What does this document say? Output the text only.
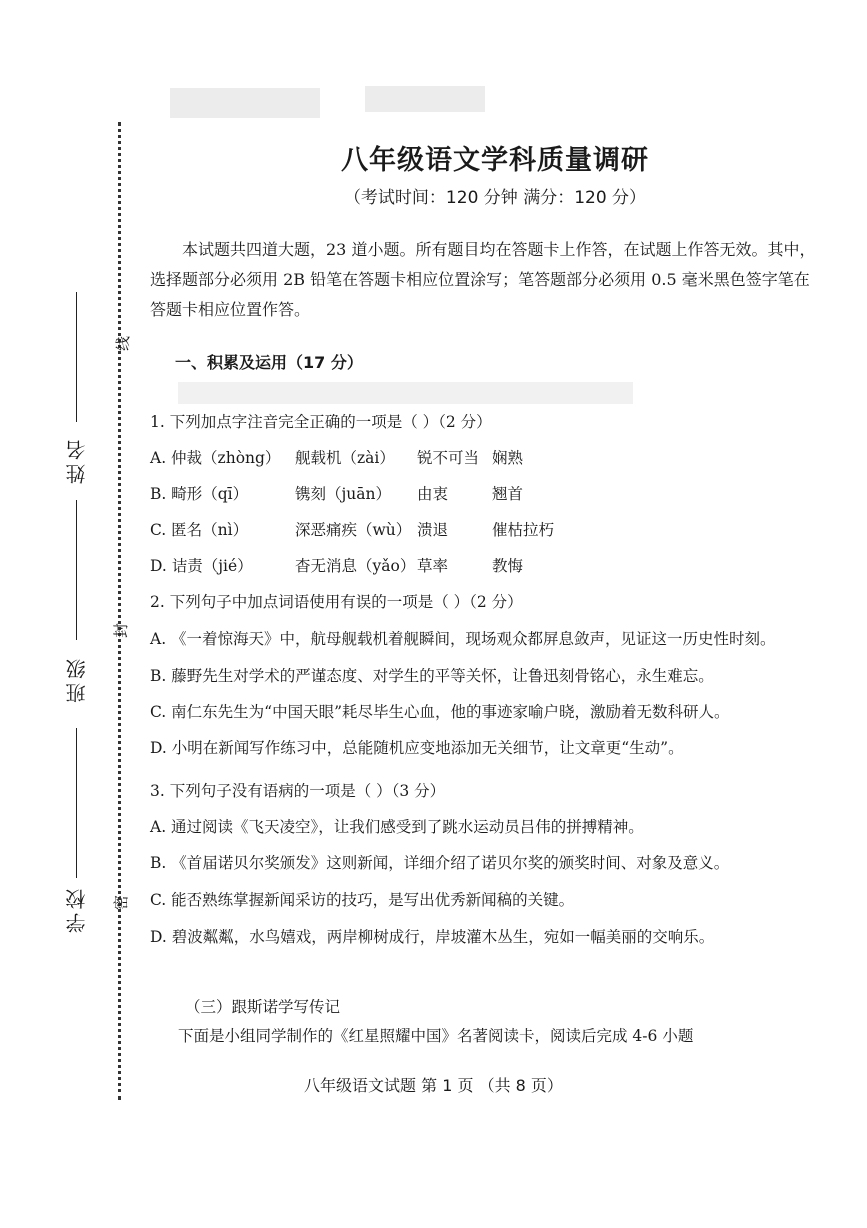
姓名
班级
学校
线
封
密
八年级语文学科质量调研
（考试时间：120 分钟 满分：120 分）
本试题共四道大题，23 道小题。所有题目均在答题卡上作答，在试题上作答无效。其中，选择题部分必须用 2B 铅笔在答题卡相应位置涂写；笔答题部分必须用 0.5 毫米黑色签字笔在答题卡相应位置作答。
一、积累及运用（17 分）
1. 下列加点字注音完全正确的一项是（ ）（2 分）
A. 仲裁（zhòng） 舰载机（zài） 锐不可当 娴熟
B. 畸形（qī）	镌刻（juān） 由衷	翘首
C. 匿名（nì）	深恶痛疾（wù） 溃退	催枯拉朽
D. 诘责（jié）	杳无消息（yǎo） 草率	教悔
2. 下列句子中加点词语使用有误的一项是（ ）（2 分）
A. 《一着惊海天》中，航母舰载机着舰瞬间，现场观众都屏息敛声，见证这一历史性时刻。
B. 藤野先生对学术的严谨态度、对学生的平等关怀，让鲁迅刻骨铭心，永生难忘。
C. 南仁东先生为“中国天眼”耗尽毕生心血，他的事迹家喻户晓，激励着无数科研人。
D. 小明在新闻写作练习中，总能随机应变地添加无关细节，让文章更“生动”。
3. 下列句子没有语病的一项是（ ）（3 分）
A. 通过阅读《飞天凌空》，让我们感受到了跳水运动员吕伟的拼搏精神。
B. 《首届诺贝尔奖颁发》这则新闻，详细介绍了诺贝尔奖的颁奖时间、对象及意义。
C. 能否熟练掌握新闻采访的技巧，是写出优秀新闻稿的关键。
D. 碧波粼粼，水鸟嬉戏，两岸柳树成行，岸坡灌木丛生，宛如一幅美丽的交响乐。
（三）跟斯诺学写传记
下面是小组同学制作的《红星照耀中国》名著阅读卡，阅读后完成 4-6 小题
八年级语文试题 第 1 页 （共 8 页）
